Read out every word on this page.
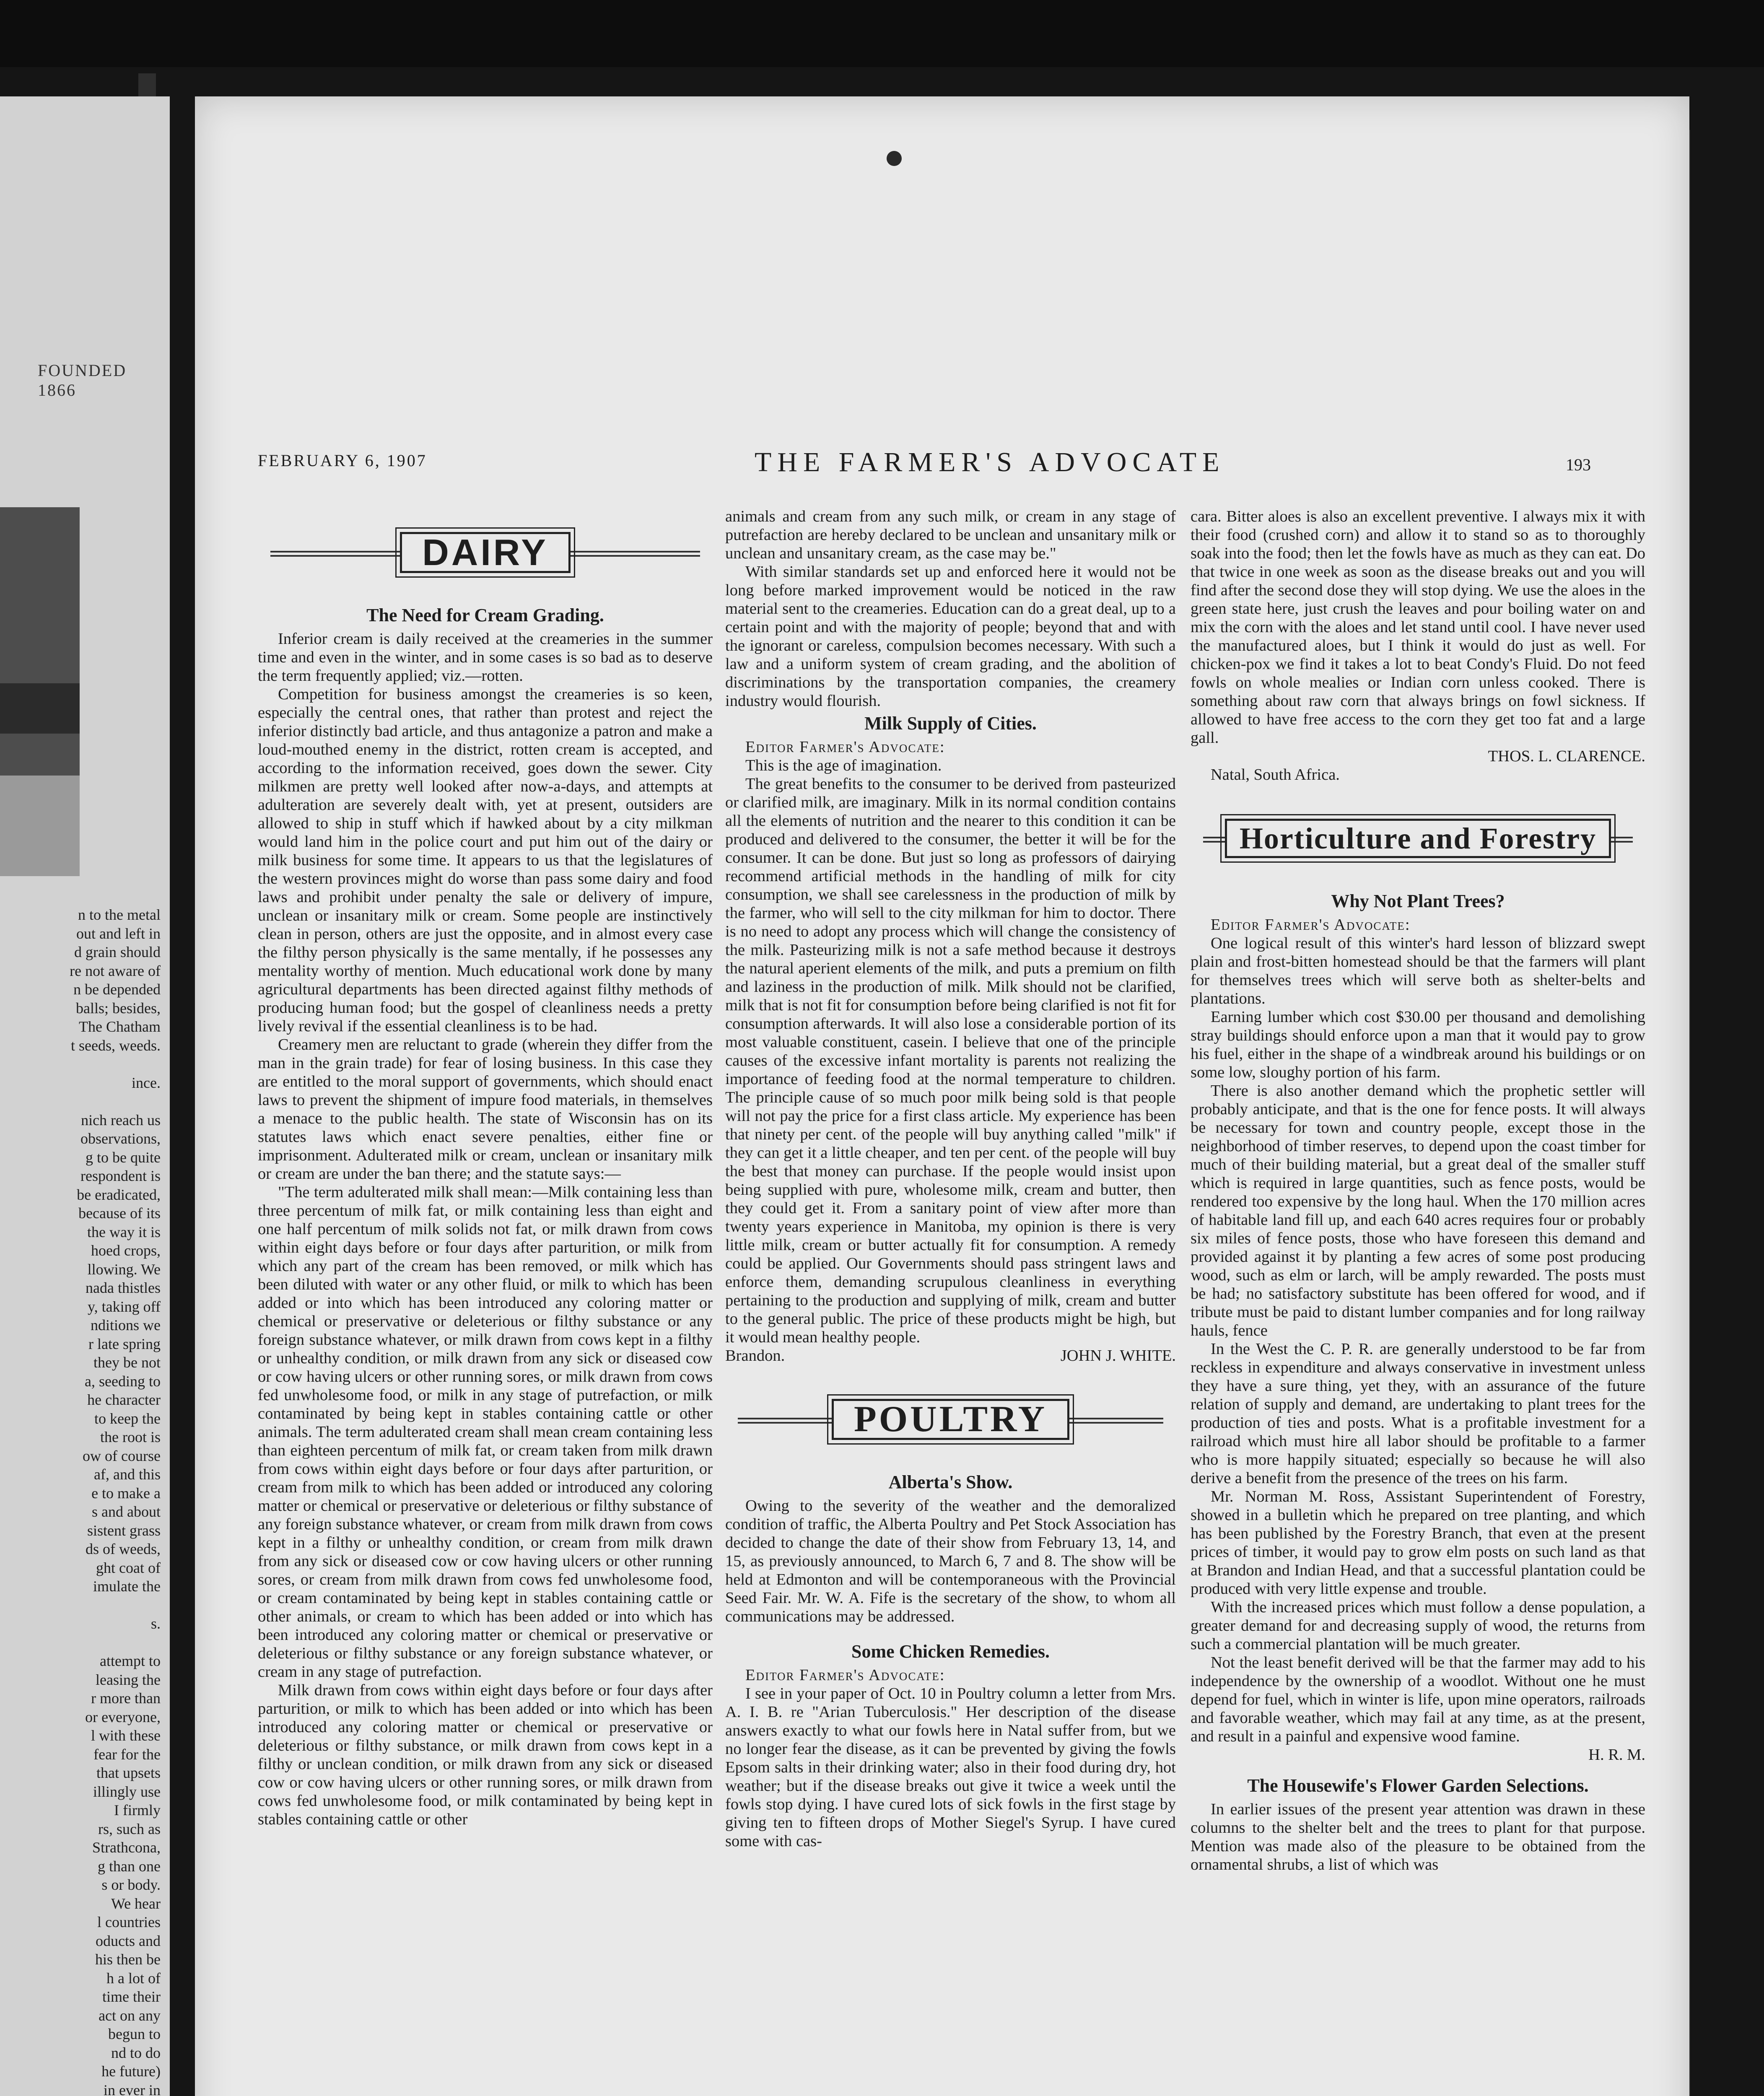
FOUNDED 1866
n to the metal
out and left in
d grain should
re not aware of
n be depended
balls; besides,
The Chatham
t seeds, weeds.

ince.

nich reach us
observations,
g to be quite
respondent is
be eradicated,
because of its
the way it is
hoed crops,
llowing. We
nada thistles
y, taking off
nditions we
r late spring
they be not
a, seeding to
he character
to keep the
the root is
ow of course
af, and this
e to make a
s and about
sistent grass
ds of weeds,
ght coat of
imulate the

s.

attempt to
leasing the
r more than
or everyone,
l with these
fear for the
that upsets
illingly use
I firmly
rs, such as
Strathcona,
g than one
s or body.
We hear
l countries
oducts and
his then be
h a lot of
time their
act on any
begun to
nd to do
he future)
in ever in

FEBRUARY 6, 1907	THE FARMER'S ADVOCATE	193
DAIRY
The Need for Cream Grading.

Inferior cream is daily received at the creameries in the summer time and even in the winter, and in some cases is so bad as to deserve the term frequently applied; viz.—rotten.

Competition for business amongst the creameries is so keen, especially the central ones, that rather than protest and reject the inferior distinctly bad article, and thus antagonize a patron and make a loud-mouthed enemy in the district, rotten cream is accepted, and according to the information received, goes down the sewer. City milkmen are pretty well looked after now-a-days, and attempts at adulteration are severely dealt with, yet at present, outsiders are allowed to ship in stuff which if hawked about by a city milkman would land him in the police court and put him out of the dairy or milk business for some time. It appears to us that the legislatures of the western provinces might do worse than pass some dairy and food laws and prohibit under penalty the sale or delivery of impure, unclean or insanitary milk or cream. Some people are instinctively clean in person, others are just the opposite, and in almost every case the filthy person physically is the same mentally, if he possesses any mentality worthy of mention. Much educational work done by many agricultural departments has been directed against filthy methods of producing human food; but the gospel of cleanliness needs a pretty lively revival if the essential cleanliness is to be had.

Creamery men are reluctant to grade (wherein they differ from the man in the grain trade) for fear of losing business. In this case they are entitled to the moral support of governments, which should enact laws to prevent the shipment of impure food materials, in themselves a menace to the public health. The state of Wisconsin has on its statutes laws which enact severe penalties, either fine or imprisonment. Adulterated milk or cream, unclean or insanitary milk or cream are under the ban there; and the statute says:—

"The term adulterated milk shall mean:—Milk containing less than three percentum of milk fat, or milk containing less than eight and one half percentum of milk solids not fat, or milk drawn from cows within eight days before or four days after parturition, or milk from which any part of the cream has been removed, or milk which has been diluted with water or any other fluid, or milk to which has been added or into which has been introduced any coloring matter or chemical or preservative or deleterious or filthy substance or any foreign substance whatever, or milk drawn from cows kept in a filthy or unhealthy condition, or milk drawn from any sick or diseased cow or cow having ulcers or other running sores, or milk drawn from cows fed unwholesome food, or milk in any stage of putrefaction, or milk contaminated by being kept in stables containing cattle or other animals. The term adulterated cream shall mean cream containing less than eighteen percentum of milk fat, or cream taken from milk drawn from cows within eight days before or four days after parturition, or cream from milk to which has been added or introduced any coloring matter or chemical or preservative or deleterious or filthy substance of any foreign substance whatever, or cream from milk drawn from cows kept in a filthy or unhealthy condition, or cream from milk drawn from any sick or diseased cow or cow having ulcers or other running sores, or cream from milk drawn from cows fed unwholesome food, or cream contaminated by being kept in stables containing cattle or other animals, or cream to which has been added or into which has been introduced any coloring matter or chemical or preservative or deleterious or filthy substance or any foreign substance whatever, or cream in any stage of putrefaction.

Milk drawn from cows within eight days before or four days after parturition, or milk to which has been added or into which has been introduced any coloring matter or chemical or preservative or deleterious or filthy substance, or milk drawn from cows kept in a filthy or unclean condition, or milk drawn from any sick or diseased cow or cow having ulcers or other running sores, or milk drawn from cows fed unwholesome food, or milk contaminated by being kept in stables containing cattle or other

animals and cream from any such milk, or cream in any stage of putrefaction are hereby declared to be unclean and unsanitary milk or unclean and unsanitary cream, as the case may be."

With similar standards set up and enforced here it would not be long before marked improvement would be noticed in the raw material sent to the creameries. Education can do a great deal, up to a certain point and with the majority of people; beyond that and with the ignorant or careless, compulsion becomes necessary. With such a law and a uniform system of cream grading, and the abolition of discriminations by the transportation companies, the creamery industry would flourish.

Milk Supply of Cities.

Editor Farmer's Advocate:

This is the age of imagination.

The great benefits to the consumer to be derived from pasteurized or clarified milk, are imaginary. Milk in its normal condition contains all the elements of nutrition and the nearer to this condition it can be produced and delivered to the consumer, the better it will be for the consumer. It can be done. But just so long as professors of dairying recommend artificial methods in the handling of milk for city consumption, we shall see carelessness in the production of milk by the farmer, who will sell to the city milkman for him to doctor. There is no need to adopt any process which will change the consistency of the milk. Pasteurizing milk is not a safe method because it destroys the natural aperient elements of the milk, and puts a premium on filth and laziness in the production of milk. Milk should not be clarified, milk that is not fit for consumption before being clarified is not fit for consumption afterwards. It will also lose a considerable portion of its most valuable constituent, casein. I believe that one of the principle causes of the excessive infant mortality is parents not realizing the importance of feeding food at the normal temperature to children. The principle cause of so much poor milk being sold is that people will not pay the price for a first class article. My experience has been that ninety per cent. of the people will buy anything called "milk" if they can get it a little cheaper, and ten per cent. of the people will buy the best that money can purchase. If the people would insist upon being supplied with pure, wholesome milk, cream and butter, then they could get it. From a sanitary point of view after more than twenty years experience in Manitoba, my opinion is there is very little milk, cream or butter actually fit for consumption. A remedy could be applied. Our Governments should pass stringent laws and enforce them, demanding scrupulous cleanliness in everything pertaining to the production and supplying of milk, cream and butter to the general public. The price of these products might be high, but it would mean healthy people.

Brandon.	JOHN J. WHITE.
POULTRY
Alberta's Show.

Owing to the severity of the weather and the demoralized condition of traffic, the Alberta Poultry and Pet Stock Association has decided to change the date of their show from February 13, 14, and 15, as previously announced, to March 6, 7 and 8. The show will be held at Edmonton and will be contemporaneous with the Provincial Seed Fair. Mr. W. A. Fife is the secretary of the show, to whom all communications may be addressed.

Some Chicken Remedies.

Editor Farmer's Advocate:

I see in your paper of Oct. 10 in Poultry column a letter from Mrs. A. I. B. re "Arian Tuberculosis." Her description of the disease answers exactly to what our fowls here in Natal suffer from, but we no longer fear the disease, as it can be prevented by giving the fowls Epsom salts in their drinking water; also in their food during dry, hot weather; but if the disease breaks out give it twice a week until the fowls stop dying. I have cured lots of sick fowls in the first stage by giving ten to fifteen drops of Mother Siegel's Syrup. I have cured some with cas-

cara. Bitter aloes is also an excellent preventive. I always mix it with their food (crushed corn) and allow it to stand so as to thoroughly soak into the food; then let the fowls have as much as they can eat. Do that twice in one week as soon as the disease breaks out and you will find after the second dose they will stop dying. We use the aloes in the green state here, just crush the leaves and pour boiling water on and mix the corn with the aloes and let stand until cool. I have never used the manufactured aloes, but I think it would do just as well. For chicken-pox we find it takes a lot to beat Condy's Fluid. Do not feed fowls on whole mealies or Indian corn unless cooked. There is something about raw corn that always brings on fowl sickness. If allowed to have free access to the corn they get too fat and a large gall.

THOS. L. CLARENCE.

Natal, South Africa.

Horticulture and Forestry
Why Not Plant Trees?

Editor Farmer's Advocate:

One logical result of this winter's hard lesson of blizzard swept plain and frost-bitten homestead should be that the farmers will plant for themselves trees which will serve both as shelter-belts and plantations.

Earning lumber which cost $30.00 per thousand and demolishing stray buildings should enforce upon a man that it would pay to grow his fuel, either in the shape of a windbreak around his buildings or on some low, sloughy portion of his farm.

There is also another demand which the prophetic settler will probably anticipate, and that is the one for fence posts. It will always be necessary for town and country people, except those in the neighborhood of timber reserves, to depend upon the coast timber for much of their building material, but a great deal of the smaller stuff which is required in large quantities, such as fence posts, would be rendered too expensive by the long haul. When the 170 million acres of habitable land fill up, and each 640 acres requires four or probably six miles of fence posts, those who have foreseen this demand and provided against it by planting a few acres of some post producing wood, such as elm or larch, will be amply rewarded. The posts must be had; no satisfactory substitute has been offered for wood, and if tribute must be paid to distant lumber companies and for long railway hauls, fence

In the West the C. P. R. are generally understood to be far from reckless in expenditure and always conservative in investment unless they have a sure thing, yet they, with an assurance of the future relation of supply and demand, are undertaking to plant trees for the production of ties and posts. What is a profitable investment for a railroad which must hire all labor should be profitable to a farmer who is more happily situated; especially so because he will also derive a benefit from the presence of the trees on his farm.

Mr. Norman M. Ross, Assistant Superintendent of Forestry, showed in a bulletin which he prepared on tree planting, and which has been published by the Forestry Branch, that even at the present prices of timber, it would pay to grow elm posts on such land as that at Brandon and Indian Head, and that a successful plantation could be produced with very little expense and trouble.

With the increased prices which must follow a dense population, a greater demand for and decreasing supply of wood, the returns from such a commercial plantation will be much greater.

Not the least benefit derived will be that the farmer may add to his independence by the ownership of a woodlot. Without one he must depend for fuel, which in winter is life, upon mine operators, railroads and favorable weather, which may fail at any time, as at the present, and result in a painful and expensive wood famine.

H. R. M.

The Housewife's Flower Garden Selections.

In earlier issues of the present year attention was drawn in these columns to the shelter belt and the trees to plant for that purpose. Mention was made also of the pleasure to be obtained from the ornamental shrubs, a list of which was
